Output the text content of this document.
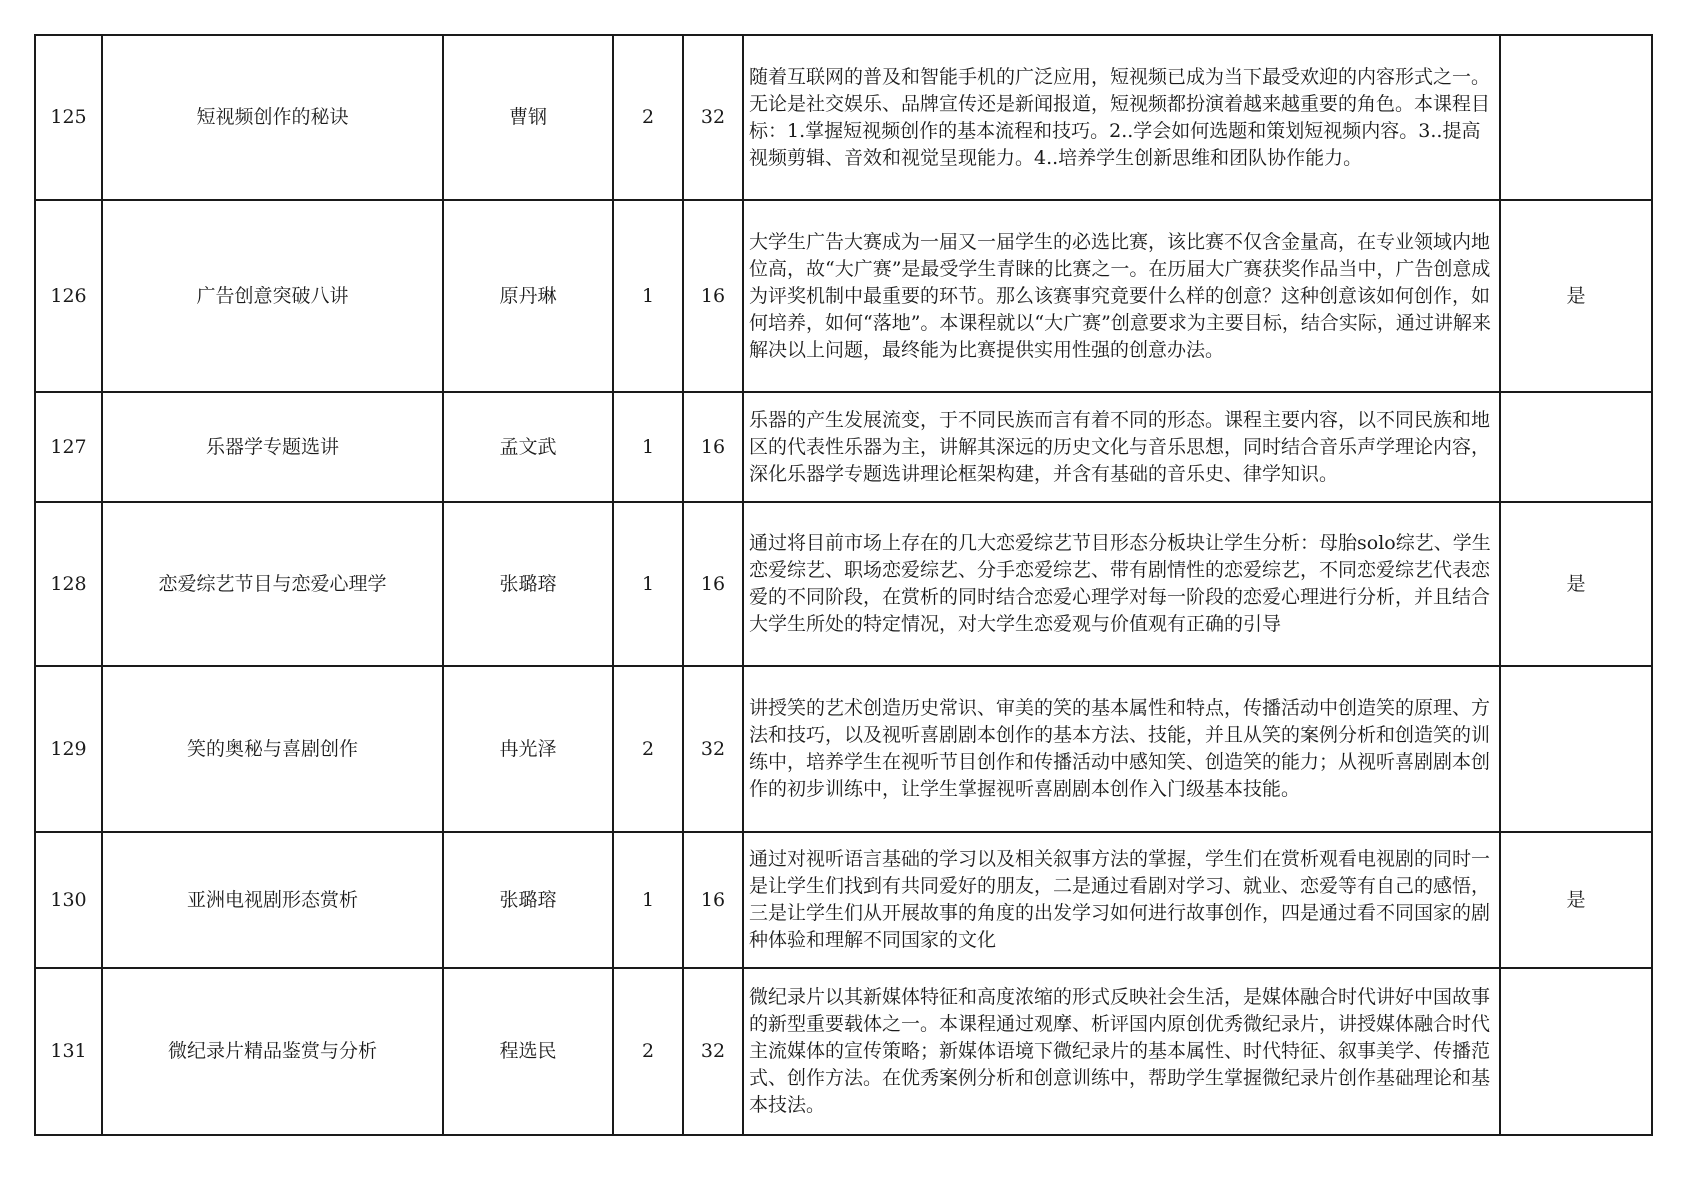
125	短视频创作的秘诀	曹钢	2	32	随着互联网的普及和智能手机的广泛应用，短视频已成为当下最受欢迎的内容形式之一。无论是社交娱乐、品牌宣传还是新闻报道，短视频都扮演着越来越重要的角色。本课程目标：1.掌握短视频创作的基本流程和技巧。2..学会如何选题和策划短视频内容。3..提高视频剪辑、音效和视觉呈现能力。4..培养学生创新思维和团队协作能力。	

126	广告创意突破八讲	原丹琳	1	16	大学生广告大赛成为一届又一届学生的必选比赛，该比赛不仅含金量高，在专业领域内地位高，故“大广赛”是最受学生青睐的比赛之一。在历届大广赛获奖作品当中，广告创意成为评奖机制中最重要的环节。那么该赛事究竟要什么样的创意？这种创意该如何创作，如何培养，如何“落地”。本课程就以“大广赛”创意要求为主要目标，结合实际，通过讲解来解决以上问题，最终能为比赛提供实用性强的创意办法。	是
127	乐器学专题选讲	孟文武	1	16	乐器的产生发展流变，于不同民族而言有着不同的形态。课程主要内容，以不同民族和地区的代表性乐器为主，讲解其深远的历史文化与音乐思想，同时结合音乐声学理论内容，深化乐器学专题选讲理论框架构建，并含有基础的音乐史、律学知识。	

128	恋爱综艺节目与恋爱心理学	张璐瑢	1	16	通过将目前市场上存在的几大恋爱综艺节目形态分板块让学生分析：母胎solo综艺、学生恋爱综艺、职场恋爱综艺、分手恋爱综艺、带有剧情性的恋爱综艺，不同恋爱综艺代表恋爱的不同阶段，在赏析的同时结合恋爱心理学对每一阶段的恋爱心理进行分析，并且结合大学生所处的特定情况，对大学生恋爱观与价值观有正确的引导	是
129	笑的奥秘与喜剧创作	冉光泽	2	32	讲授笑的艺术创造历史常识、审美的笑的基本属性和特点，传播活动中创造笑的原理、方法和技巧，以及视听喜剧剧本创作的基本方法、技能，并且从笑的案例分析和创造笑的训练中，培养学生在视听节目创作和传播活动中感知笑、创造笑的能力；从视听喜剧剧本创作的初步训练中，让学生掌握视听喜剧剧本创作入门级基本技能。	

130	亚洲电视剧形态赏析	张璐瑢	1	16	通过对视听语言基础的学习以及相关叙事方法的掌握，学生们在赏析观看电视剧的同时一是让学生们找到有共同爱好的朋友，二是通过看剧对学习、就业、恋爱等有自己的感悟，三是让学生们从开展故事的角度的出发学习如何进行故事创作，四是通过看不同国家的剧种体验和理解不同国家的文化	是
131	微纪录片精品鉴赏与分析	程选民	2	32	微纪录片以其新媒体特征和高度浓缩的形式反映社会生活，是媒体融合时代讲好中国故事的新型重要载体之一。本课程通过观摩、析评国内原创优秀微纪录片，讲授媒体融合时代主流媒体的宣传策略；新媒体语境下微纪录片的基本属性、时代特征、叙事美学、传播范式、创作方法。在优秀案例分析和创意训练中，帮助学生掌握微纪录片创作基础理论和基本技法。	
